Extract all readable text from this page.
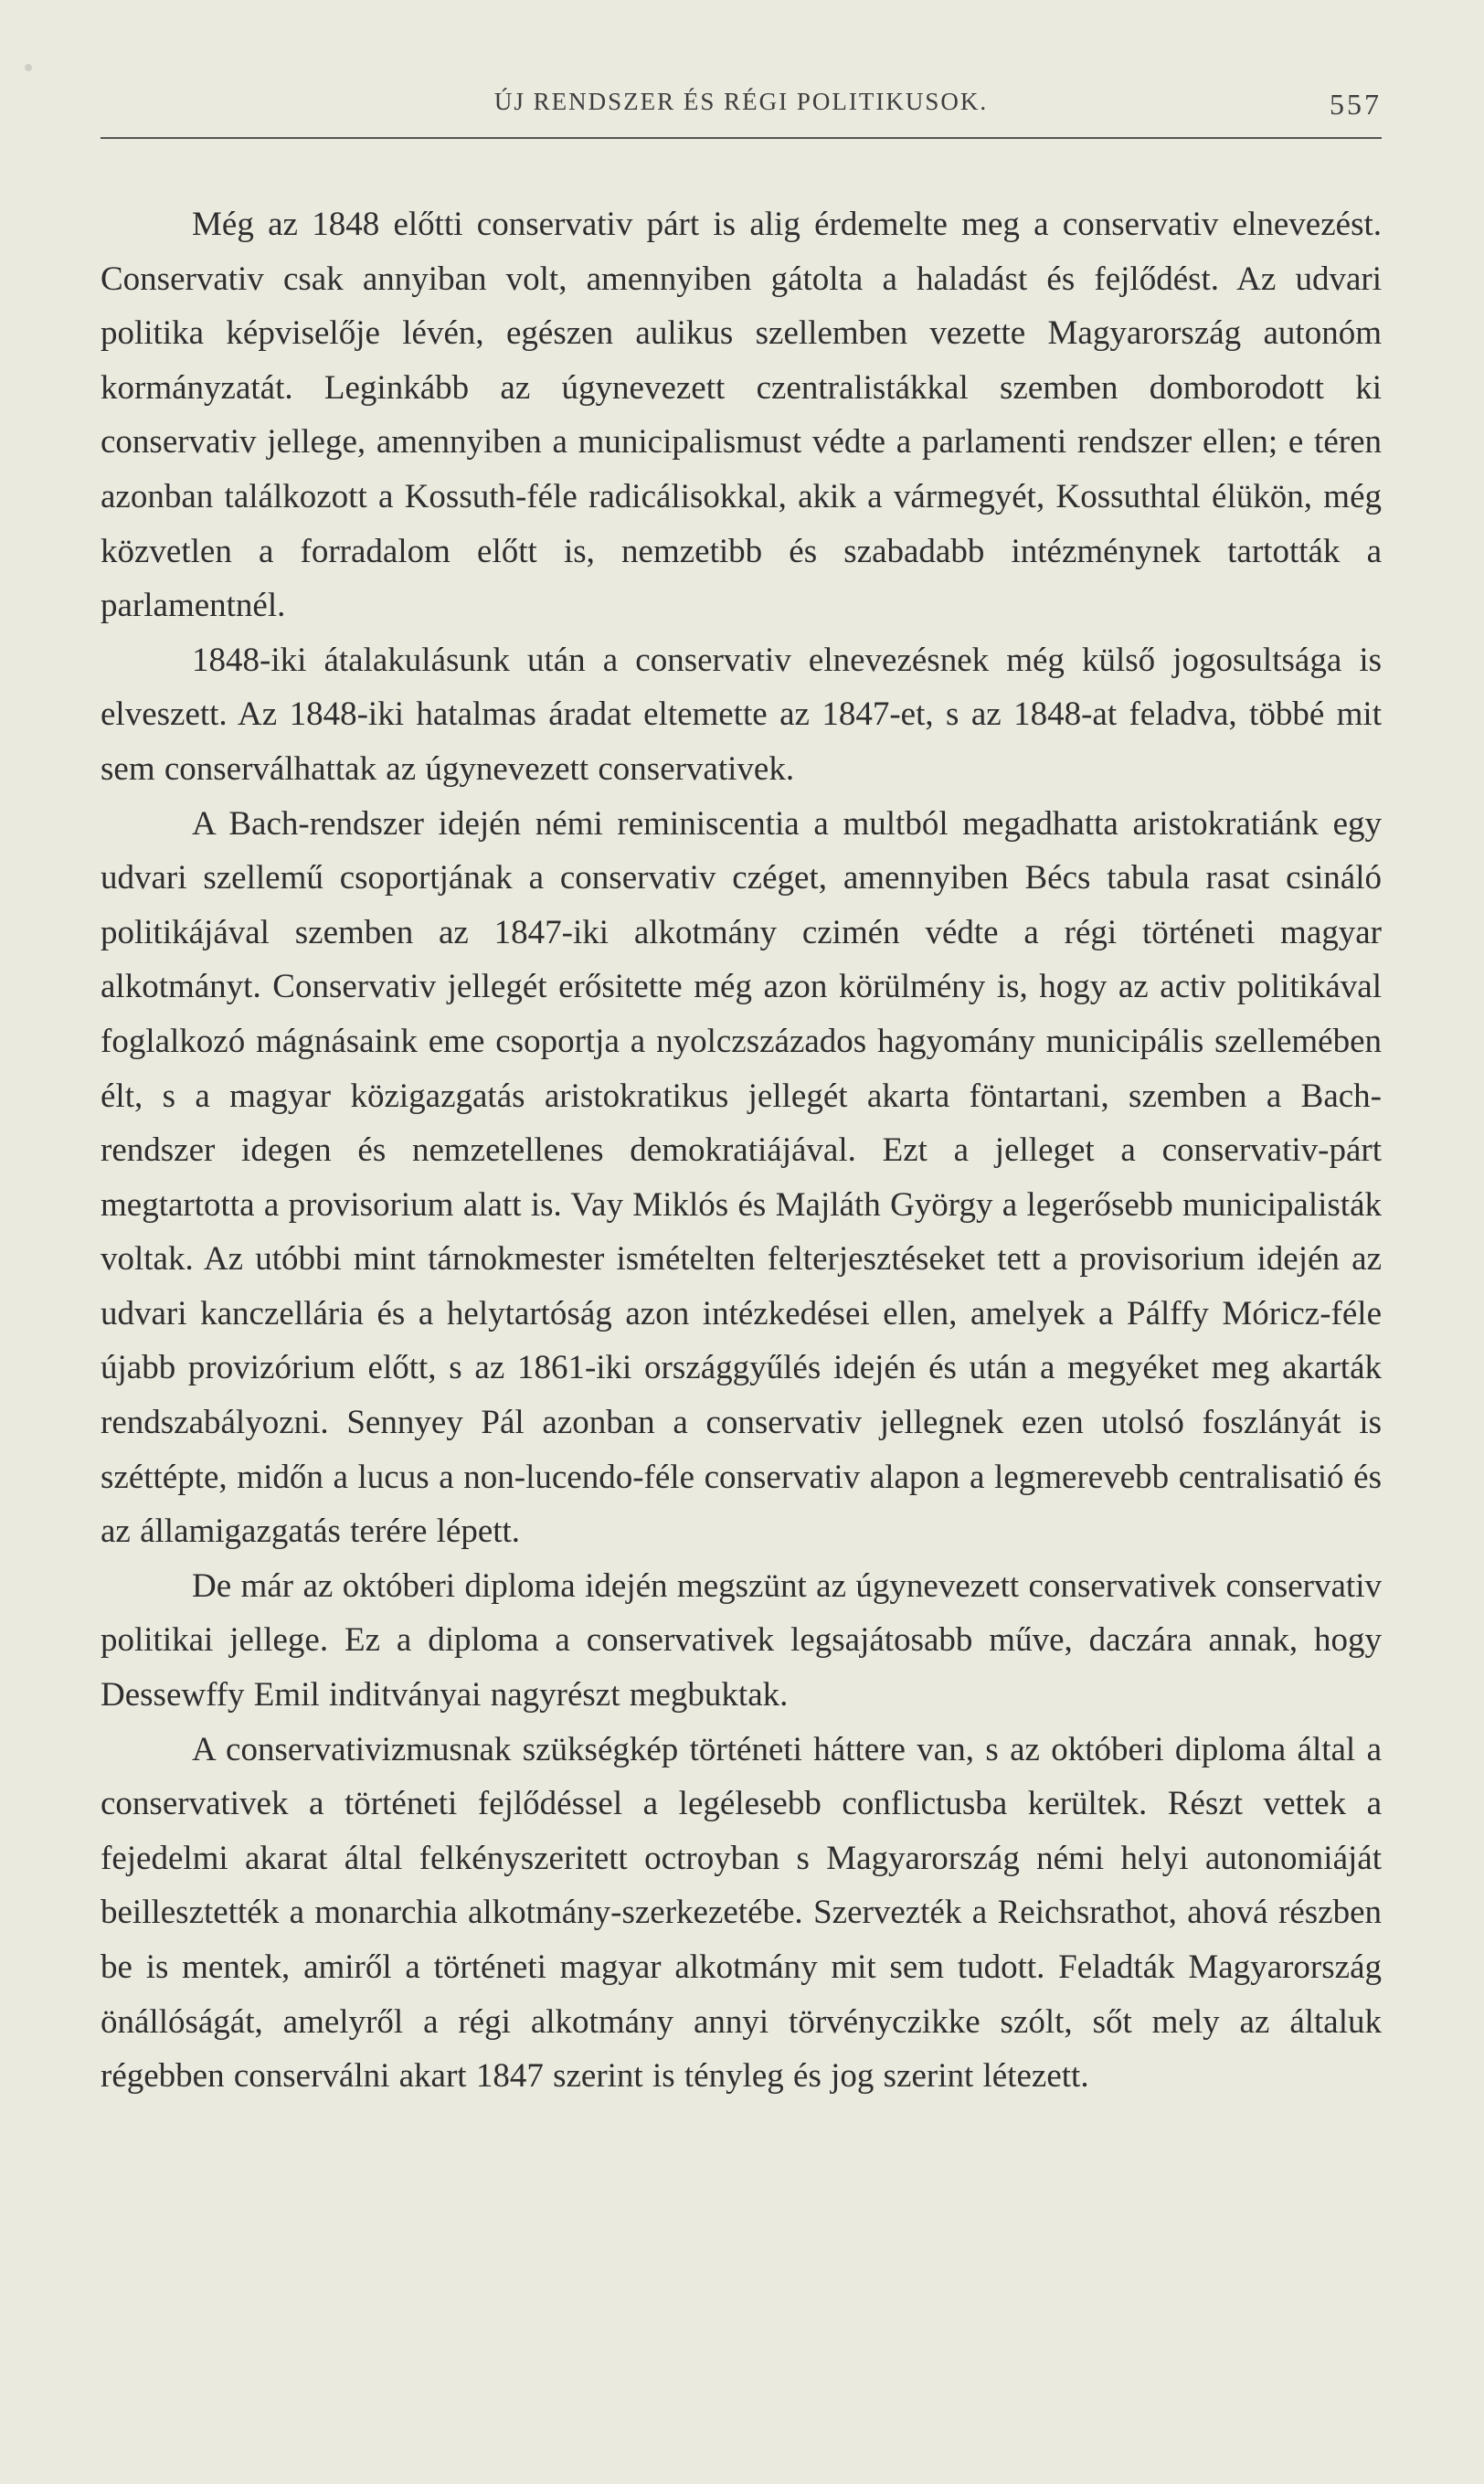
ÚJ RENDSZER ÉS RÉGI POLITIKUSOK.	557

Még az 1848 előtti conservativ párt is alig érdemelte meg a conservativ elnevezést. Conservativ csak annyiban volt, amennyiben gátolta a haladást és fejlődést. Az udvari politika képviselője lévén, egészen aulikus szellemben vezette Magyarország autonóm kormányzatát. Leginkább az úgynevezett czentralistákkal szemben domborodott ki conservativ jellege, amennyiben a municipalismust védte a parlamenti rendszer ellen; e téren azonban találkozott a Kossuth-féle radicálisokkal, akik a vármegyét, Kossuthtal élükön, még közvetlen a forradalom előtt is, nemzetibb és szabadabb intézménynek tartották a parlamentnél.

1848-iki átalakulásunk után a conservativ elnevezésnek még külső jogosultsága is elveszett. Az 1848-iki hatalmas áradat eltemette az 1847-et, s az 1848-at feladva, többé mit sem conserválhattak az úgynevezett conservativek.

A Bach-rendszer idején némi reminiscentia a multból megadhatta aristokratiánk egy udvari szellemű csoportjának a conservativ czéget, amennyiben Bécs tabula rasat csináló politikájával szemben az 1847-iki alkotmány czimén védte a régi történeti magyar alkotmányt. Conservativ jellegét erősitette még azon körülmény is, hogy az activ politikával foglalkozó mágnásaink eme csoportja a nyolczszázados hagyomány municipális szellemében élt, s a magyar közigazgatás aristokratikus jellegét akarta föntartani, szemben a Bach-rendszer idegen és nemzetellenes demokratiájával. Ezt a jelleget a conservativ-párt megtartotta a provisorium alatt is. Vay Miklós és Majláth György a legerősebb municipalisták voltak. Az utóbbi mint tárnokmester ismételten felterjesztéseket tett a provisorium idején az udvari kanczellária és a helytartóság azon intézkedései ellen, amelyek a Pálffy Móricz-féle újabb provizórium előtt, s az 1861-iki országgyűlés idején és után a megyéket meg akarták rendszabályozni. Sennyey Pál azonban a conservativ jellegnek ezen utolsó foszlányát is széttépte, midőn a lucus a non-lucendo-féle conservativ alapon a legmerevebb centralisatió és az államigazgatás terére lépett.

De már az októberi diploma idején megszünt az úgynevezett conservativek conservativ politikai jellege. Ez a diploma a conservativek legsajátosabb műve, daczára annak, hogy Dessewffy Emil inditványai nagyrészt megbuktak.

A conservativizmusnak szükségkép történeti háttere van, s az októberi diploma által a conservativek a történeti fejlődéssel a legélesebb conflictusba kerültek. Részt vettek a fejedelmi akarat által felkényszeritett octroyban s Magyarország némi helyi autonomiáját beillesztették a monarchia alkotmány-szerkezetébe. Szervezték a Reichsrathot, ahová részben be is mentek, amiről a történeti magyar alkotmány mit sem tudott. Feladták Magyarország önállóságát, amelyről a régi alkotmány annyi törvényczikke szólt, sőt mely az általuk régebben conserválni akart 1847 szerint is tényleg és jog szerint létezett.
